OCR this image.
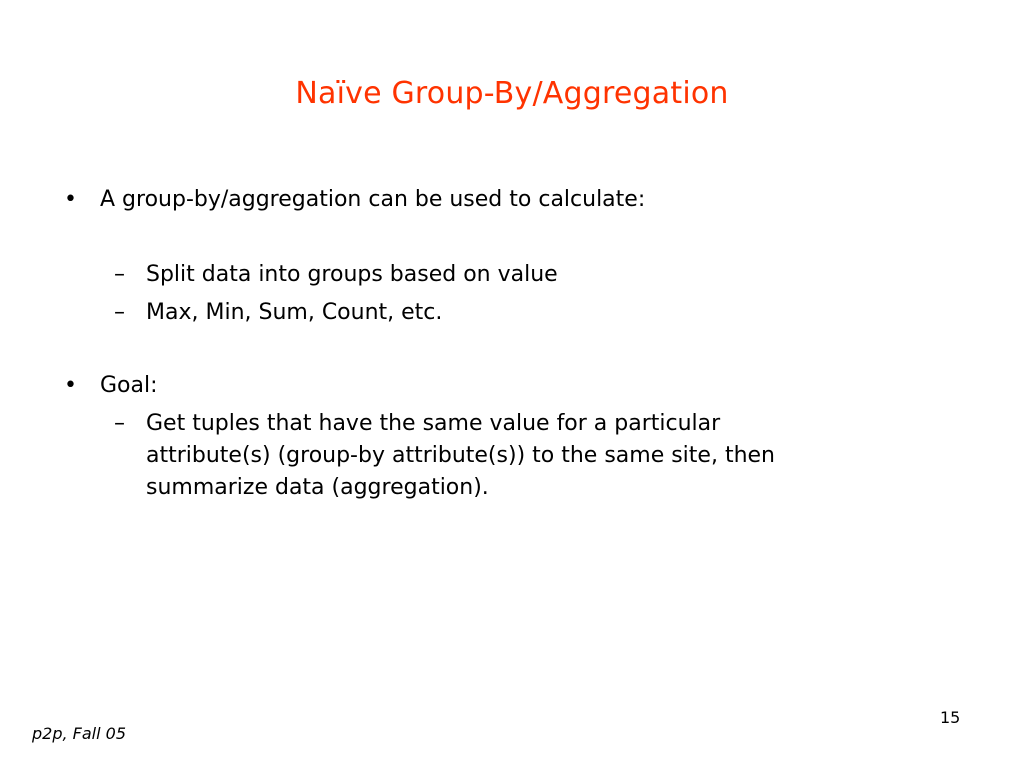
Naïve Group-By/Aggregation
• A group-by/aggregation can be used to calculate:
– Split data into groups based on value
– Max, Min, Sum, Count, etc.
• Goal:
– Get tuples that have the same value for a particular
attribute(s) (group-by attribute(s)) to the same site, then
summarize data (aggregation).
p2p, Fall 05
15
